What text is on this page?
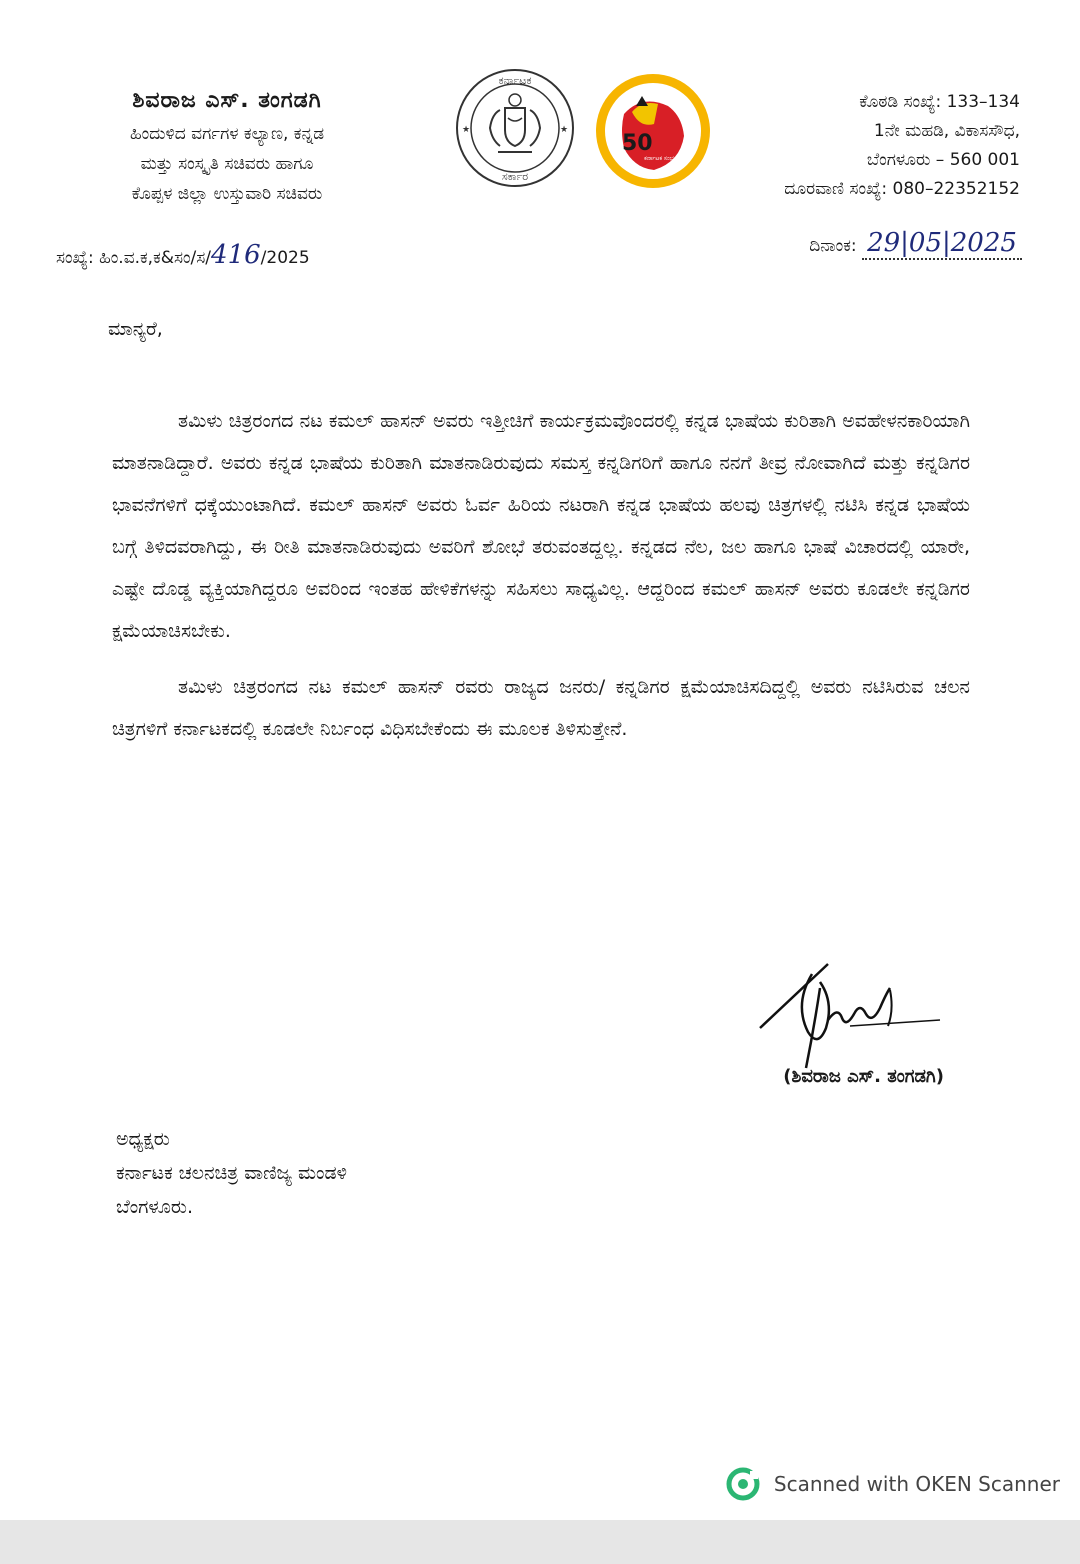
ಶಿವರಾಜ ಎಸ್. ತಂಗಡಗಿ
ಹಿಂದುಳಿದ ವರ್ಗಗಳ ಕಲ್ಯಾಣ, ಕನ್ನಡ
ಮತ್ತು ಸಂಸ್ಕೃತಿ ಸಚಿವರು ಹಾಗೂ
ಕೊಪ್ಪಳ ಜಿಲ್ಲಾ ಉಸ್ತುವಾರಿ ಸಚಿವರು
★	★
ಕರ್ನಾಟಕ
ಸರ್ಕಾರ
50
ಕರ್ನಾಟಕ ಸಂಭ್ರಮ
ಕೊಠಡಿ ಸಂಖ್ಯೆ: 133–134
1ನೇ ಮಹಡಿ, ವಿಕಾಸಸೌಧ,
ಬೆಂಗಳೂರು – 560 001
ದೂರವಾಣಿ ಸಂಖ್ಯೆ: 080–22352152
ಸಂಖ್ಯೆ: ಹಿಂ.ವ.ಕ,ಕ&ಸಂ/ಸ/416/2025
ದಿನಾಂಕ: 29|05|2025
ಮಾನ್ಯರೆ,

ತಮಿಳು ಚಿತ್ರರಂಗದ ನಟ ಕಮಲ್ ಹಾಸನ್ ಅವರು ಇತ್ತೀಚಿಗೆ ಕಾರ್ಯಕ್ರಮವೊಂದರಲ್ಲಿ ಕನ್ನಡ ಭಾಷೆಯ ಕುರಿತಾಗಿ ಅವಹೇಳನಕಾರಿಯಾಗಿ ಮಾತನಾಡಿದ್ದಾರೆ. ಅವರು ಕನ್ನಡ ಭಾಷೆಯ ಕುರಿತಾಗಿ ಮಾತನಾಡಿರುವುದು ಸಮಸ್ತ ಕನ್ನಡಿಗರಿಗೆ ಹಾಗೂ ನನಗೆ ತೀವ್ರ ನೋವಾಗಿದೆ ಮತ್ತು ಕನ್ನಡಿಗರ ಭಾವನೆಗಳಿಗೆ ಧಕ್ಕೆಯುಂಟಾಗಿದೆ. ಕಮಲ್ ಹಾಸನ್ ಅವರು ಓರ್ವ ಹಿರಿಯ ನಟರಾಗಿ ಕನ್ನಡ ಭಾಷೆಯ ಹಲವು ಚಿತ್ರಗಳಲ್ಲಿ ನಟಿಸಿ ಕನ್ನಡ ಭಾಷೆಯ ಬಗ್ಗೆ ತಿಳಿದವರಾಗಿದ್ದು, ಈ ರೀತಿ ಮಾತನಾಡಿರುವುದು ಅವರಿಗೆ ಶೋಭೆ ತರುವಂತದ್ದಲ್ಲ. ಕನ್ನಡದ ನೆಲ, ಜಲ ಹಾಗೂ ಭಾಷೆ ವಿಚಾರದಲ್ಲಿ ಯಾರೇ, ಎಷ್ಟೇ ದೊಡ್ಡ ವ್ಯಕ್ತಿಯಾಗಿದ್ದರೂ ಅವರಿಂದ ಇಂತಹ ಹೇಳಿಕೆಗಳನ್ನು ಸಹಿಸಲು ಸಾಧ್ಯವಿಲ್ಲ. ಆದ್ದರಿಂದ ಕಮಲ್ ಹಾಸನ್ ಅವರು ಕೂಡಲೇ ಕನ್ನಡಿಗರ ಕ್ಷಮೆಯಾಚಿಸಬೇಕು.

ತಮಿಳು ಚಿತ್ರರಂಗದ ನಟ ಕಮಲ್ ಹಾಸನ್ ರವರು ರಾಜ್ಯದ ಜನರು/ ಕನ್ನಡಿಗರ ಕ್ಷಮೆಯಾಚಿಸದಿದ್ದಲ್ಲಿ ಅವರು ನಟಿಸಿರುವ ಚಲನ ಚಿತ್ರಗಳಿಗೆ ಕರ್ನಾಟಕದಲ್ಲಿ ಕೂಡಲೇ ನಿರ್ಬಂಧ ವಿಧಿಸಬೇಕೆಂದು ಈ ಮೂಲಕ ತಿಳಿಸುತ್ತೇನೆ.

(ಶಿವರಾಜ ಎಸ್. ತಂಗಡಗಿ)
ಅಧ್ಯಕ್ಷರು
ಕರ್ನಾಟಕ ಚಲನಚಿತ್ರ ವಾಣಿಜ್ಯ ಮಂಡಳಿ
ಬೆಂಗಳೂರು.
Scanned with OKEN Scanner
